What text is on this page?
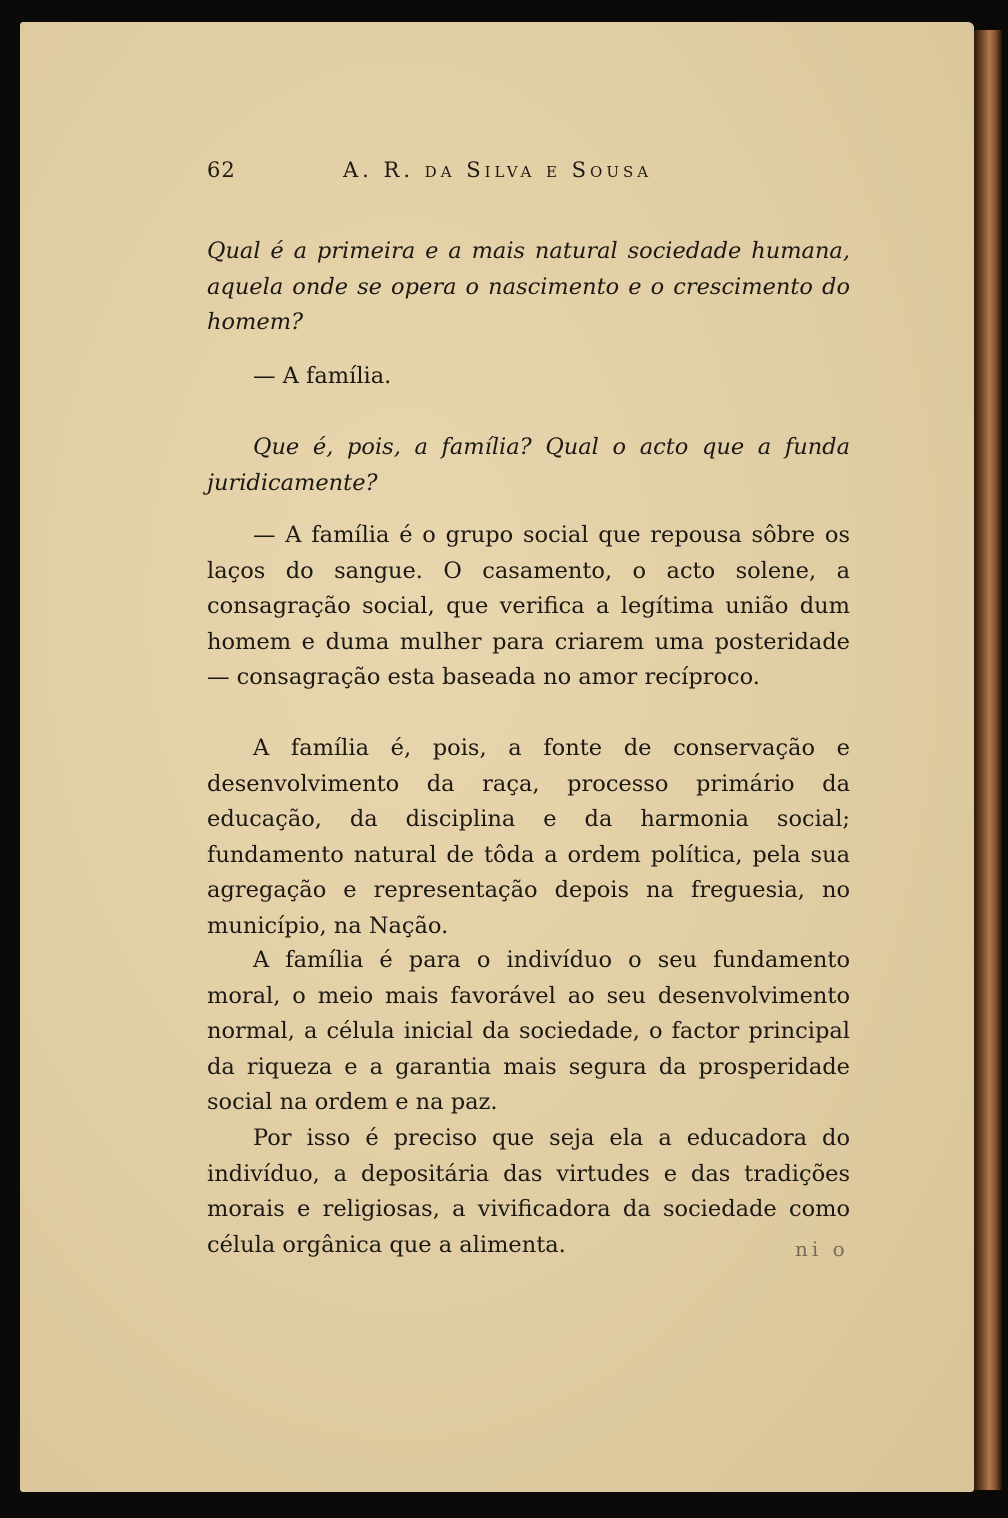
62	A. R. da Silva e Sousa
Qual é a primeira e a mais natural sociedade humana, aquela onde se opera o nascimento e o crescimento do homem?
— A família.
Que é, pois, a família? Qual o acto que a funda juridicamente?
— A família é o grupo social que repousa sôbre os laços do sangue. O casamento, o acto solene, a consagração social, que verifica a legítima união dum homem e duma mulher para criarem uma posteridade — consagração esta baseada no amor recíproco.
A família é, pois, a fonte de conservação e desenvolvimento da raça, processo primário da educação, da disciplina e da harmonia social; fundamento natural de tôda a ordem política, pela sua agregação e representação depois na freguesia, no município, na Nação.
A família é para o indivíduo o seu fundamento moral, o meio mais favorável ao seu desenvolvimento normal, a célula inicial da sociedade, o factor principal da riqueza e a garantia mais segura da prosperidade social na ordem e na paz.
Por isso é preciso que seja ela a educadora do indivíduo, a depositária das virtudes e das tradições morais e religiosas, a vivificadora da sociedade como célula orgânica que a alimenta.	ni o
